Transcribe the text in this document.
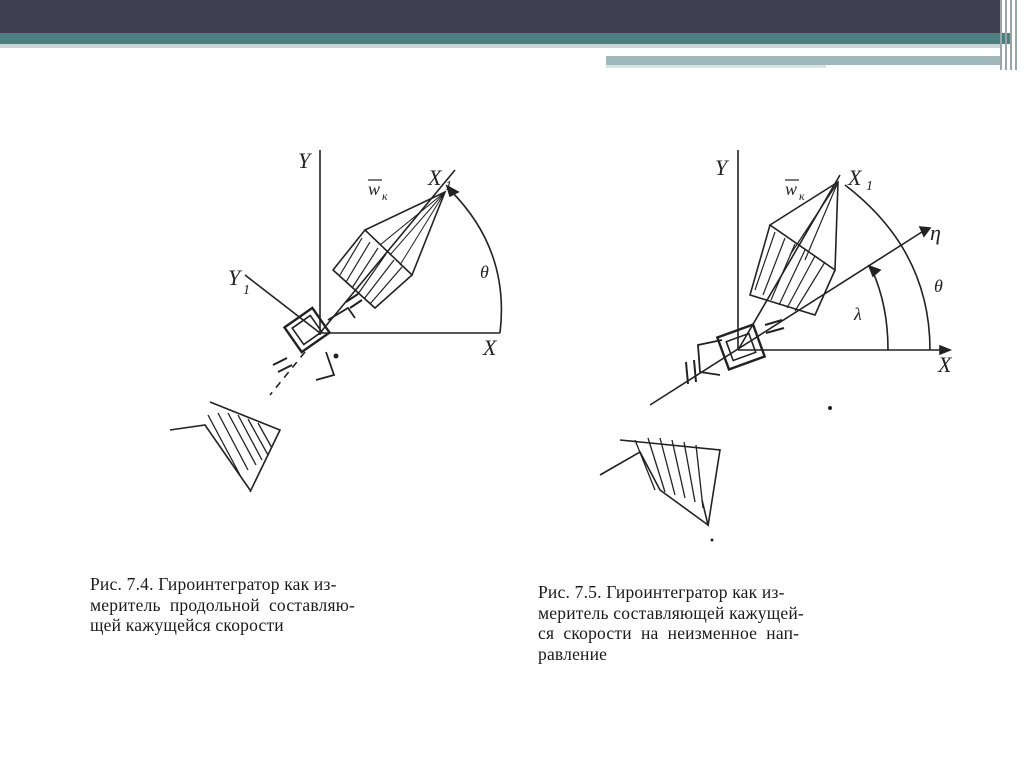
Y
Y
1
X 1
X
θ
w к
Y	X 1
X
η
θ
λ
w к

Рис. 7.4. Гироинтегратор как из-
меритель  продольной  составляю-
щей кажущейся скорости

Рис. 7.5. Гироинтегратор как из-
меритель составляющей кажущей-
ся  скорости  на  неизменное  нап-
равление
